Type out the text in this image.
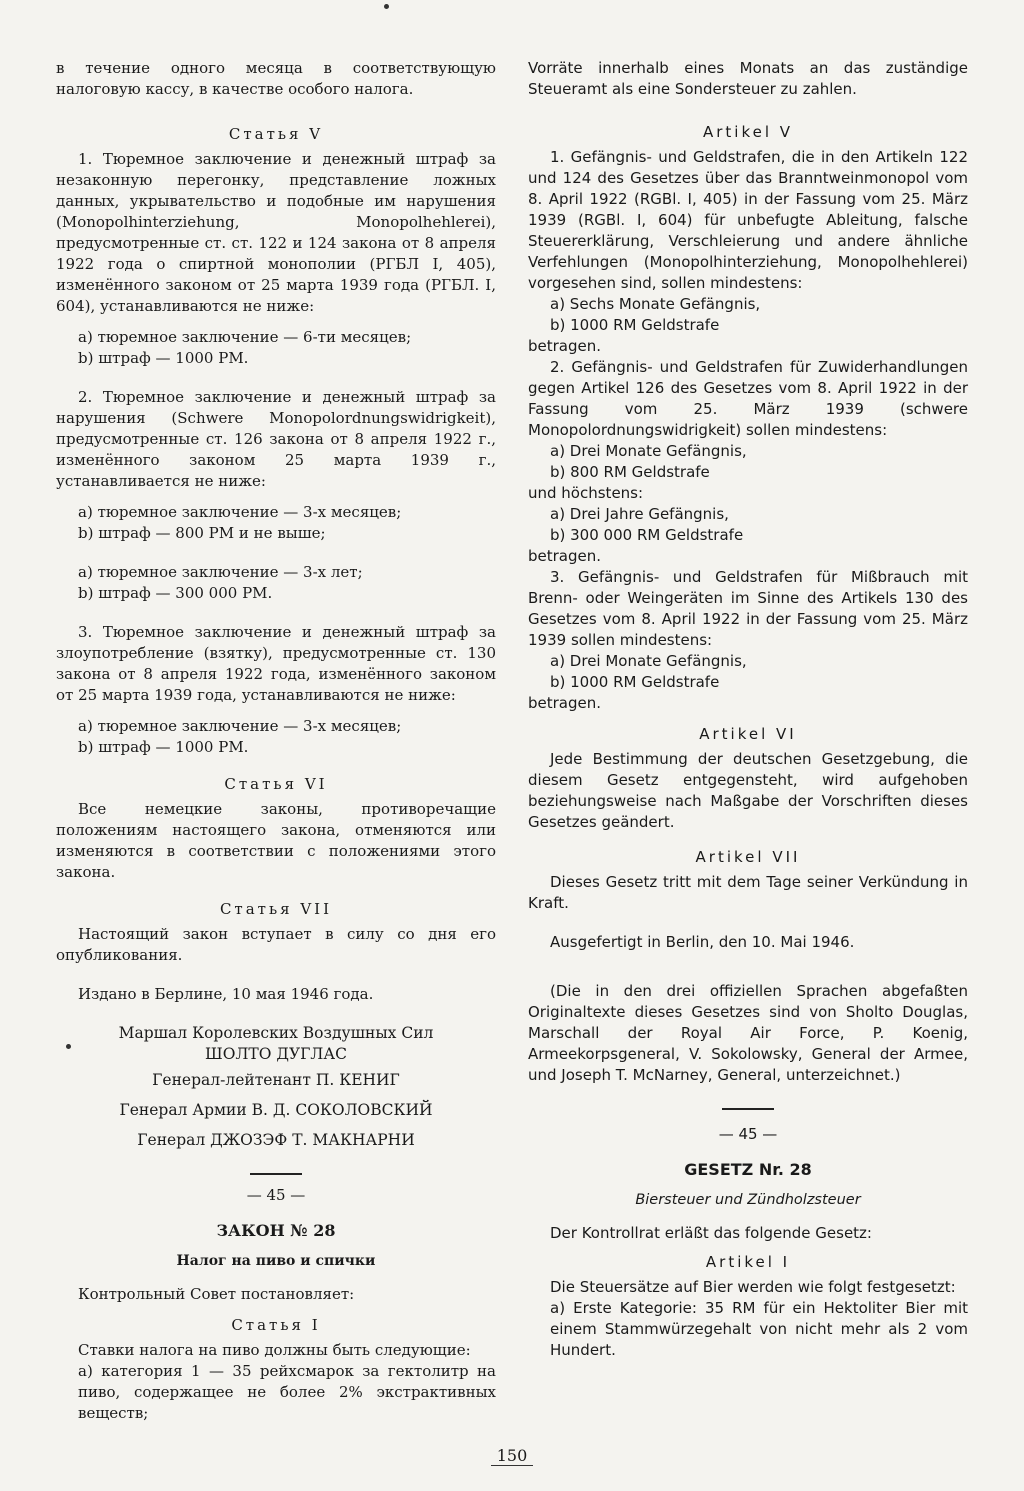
в течение одного месяца в соответствующую налоговую кассу, в качестве особого налога.

Статья V

1. Тюремное заключение и денежный штраф за незаконную перегонку, представление ложных данных, укрывательство и подобные им нарушения (Monopolhinterziehung, Monopolhehlerei), предусмотренные ст. ст. 122 и 124 закона от 8 апреля 1922 года о спиртной монополии (РГБЛ I, 405), изменённого законом от 25 марта 1939 года (РГБЛ. I, 604), устанавливаются не ниже:

а) тюремное заключение — 6-ти месяцев;

b) штраф — 1000 РМ.

2. Тюремное заключение и денежный штраф за нарушения (Schwere Monopolordnungswidrigkeit), предусмотренные ст. 126 закона от 8 апреля 1922 г., изменённого законом 25 марта 1939 г., устанавливается не ниже:

а) тюремное заключение — 3-х месяцев;

b) штраф — 800 РМ и не выше;

а) тюремное заключение — 3-х лет;

b) штраф — 300 000 РМ.

3. Тюремное заключение и денежный штраф за злоупотребление (взятку), предусмотренные ст. 130 закона от 8 апреля 1922 года, изменённого законом от 25 марта 1939 года, устанавливаются не ниже:

а) тюремное заключение — 3-х месяцев;

b) штраф — 1000 РМ.

Статья VI

Все немецкие законы, противоречащие положениям настоящего закона, отменяются или изменяются в соответствии с положениями этого закона.

Статья VII

Настоящий закон вступает в силу со дня его опубликования.

Издано в Берлине, 10 мая 1946 года.

Маршал Королевских Воздушных Сил

ШОЛТО ДУГЛАС

Генерал-лейтенант П. КЕНИГ

Генерал Армии В. Д. СОКОЛОВСКИЙ

Генерал ДЖОЗЭФ Т. МАКНАРНИ

— 45 —
ЗАКОН № 28
Налог на пиво и спички

Контрольный Совет постановляет:

Статья I

Ставки налога на пиво должны быть следующие:

а) категория 1 — 35 рейхсмарок за гектолитр на пиво, содержащее не более 2% экстрактивных веществ;

Vorräte innerhalb eines Monats an das zuständige Steueramt als eine Sondersteuer zu zahlen.

Artikel V

1. Gefängnis- und Geldstrafen, die in den Artikeln 122 und 124 des Gesetzes über das Branntweinmonopol vom 8. April 1922 (RGBl. I, 405) in der Fassung vom 25. März 1939 (RGBl. I, 604) für unbefugte Ableitung, falsche Steuererklärung, Verschleierung und andere ähnliche Verfehlungen (Monopolhinterziehung, Monopolhehlerei) vorgesehen sind, sollen mindestens:

a) Sechs Monate Gefängnis,

b) 1000 RM Geldstrafe

betragen.

2. Gefängnis- und Geldstrafen für Zuwiderhandlungen gegen Artikel 126 des Gesetzes vom 8. April 1922 in der Fassung vom 25. März 1939 (schwere Monopolordnungswidrigkeit) sollen mindestens:

a) Drei Monate Gefängnis,

b) 800 RM Geldstrafe

und höchstens:

a) Drei Jahre Gefängnis,

b) 300 000 RM Geldstrafe

betragen.

3. Gefängnis- und Geldstrafen für Mißbrauch mit Brenn- oder Weingeräten im Sinne des Artikels 130 des Gesetzes vom 8. April 1922 in der Fassung vom 25. März 1939 sollen mindestens:

a) Drei Monate Gefängnis,

b) 1000 RM Geldstrafe

betragen.

Artikel VI

Jede Bestimmung der deutschen Gesetzgebung, die diesem Gesetz entgegensteht, wird aufgehoben beziehungsweise nach Maßgabe der Vorschriften dieses Gesetzes geändert.

Artikel VII

Dieses Gesetz tritt mit dem Tage seiner Verkündung in Kraft.

Ausgefertigt in Berlin, den 10. Mai 1946.

(Die in den drei offiziellen Sprachen abgefaßten Originaltexte dieses Gesetzes sind von Sholto Douglas, Marschall der Royal Air Force, P. Koenig, Armeekorpsgeneral, V. Sokolowsky, General der Armee, und Joseph T. McNarney, General, unterzeichnet.)

— 45 —
GESETZ Nr. 28
Biersteuer und Zündholzsteuer

Der Kontrollrat erläßt das folgende Gesetz:

Artikel I

Die Steuersätze auf Bier werden wie folgt festgesetzt:

a) Erste Kategorie: 35 RM für ein Hektoliter Bier mit einem Stammwürzegehalt von nicht mehr als 2 vom Hundert.

150
